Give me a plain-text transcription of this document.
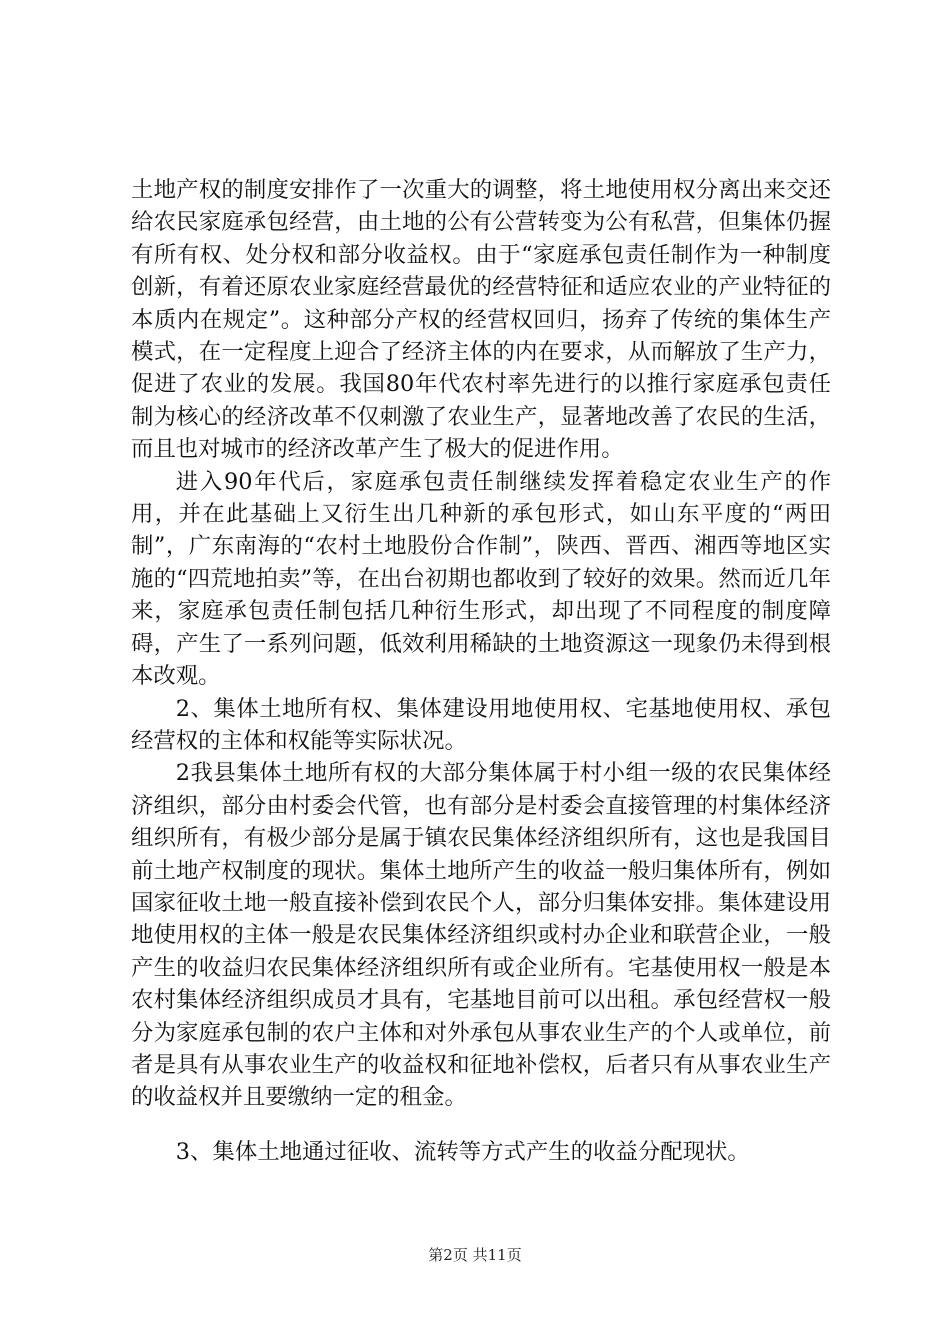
土地产权的制度安排作了一次重大的调整，将土地使用权分离出来交还给农民家庭承包经营，由土地的公有公营转变为公有私营，但集体仍握有所有权、处分权和部分收益权。由于“家庭承包责任制作为一种制度创新，有着还原农业家庭经营最优的经营特征和适应农业的产业特征的本质内在规定”。这种部分产权的经营权回归，扬弃了传统的集体生产模式，在一定程度上迎合了经济主体的内在要求，从而解放了生产力，促进了农业的发展。我国80年代农村率先进行的以推行家庭承包责任制为核心的经济改革不仅刺激了农业生产，显著地改善了农民的生活，而且也对城市的经济改革产生了极大的促进作用。

进入90年代后，家庭承包责任制继续发挥着稳定农业生产的作用，并在此基础上又衍生出几种新的承包形式，如山东平度的“两田制”，广东南海的“农村土地股份合作制”，陕西、晋西、湘西等地区实施的“四荒地拍卖”等，在出台初期也都收到了较好的效果。然而近几年来，家庭承包责任制包括几种衍生形式，却出现了不同程度的制度障碍，产生了一系列问题，低效利用稀缺的土地资源这一现象仍未得到根本改观。

2、集体土地所有权、集体建设用地使用权、宅基地使用权、承包经营权的主体和权能等实际状况。

2我县集体土地所有权的大部分集体属于村小组一级的农民集体经济组织，部分由村委会代管，也有部分是村委会直接管理的村集体经济组织所有，有极少部分是属于镇农民集体经济组织所有，这也是我国目前土地产权制度的现状。集体土地所产生的收益一般归集体所有，例如国家征收土地一般直接补偿到农民个人，部分归集体安排。集体建设用地使用权的主体一般是农民集体经济组织或村办企业和联营企业，一般产生的收益归农民集体经济组织所有或企业所有。宅基使用权一般是本农村集体经济组织成员才具有，宅基地目前可以出租。承包经营权一般分为家庭承包制的农户主体和对外承包从事农业生产的个人或单位，前者是具有从事农业生产的收益权和征地补偿权，后者只有从事农业生产的收益权并且要缴纳一定的租金。

3、集体土地通过征收、流转等方式产生的收益分配现状。

第2页 共11页
